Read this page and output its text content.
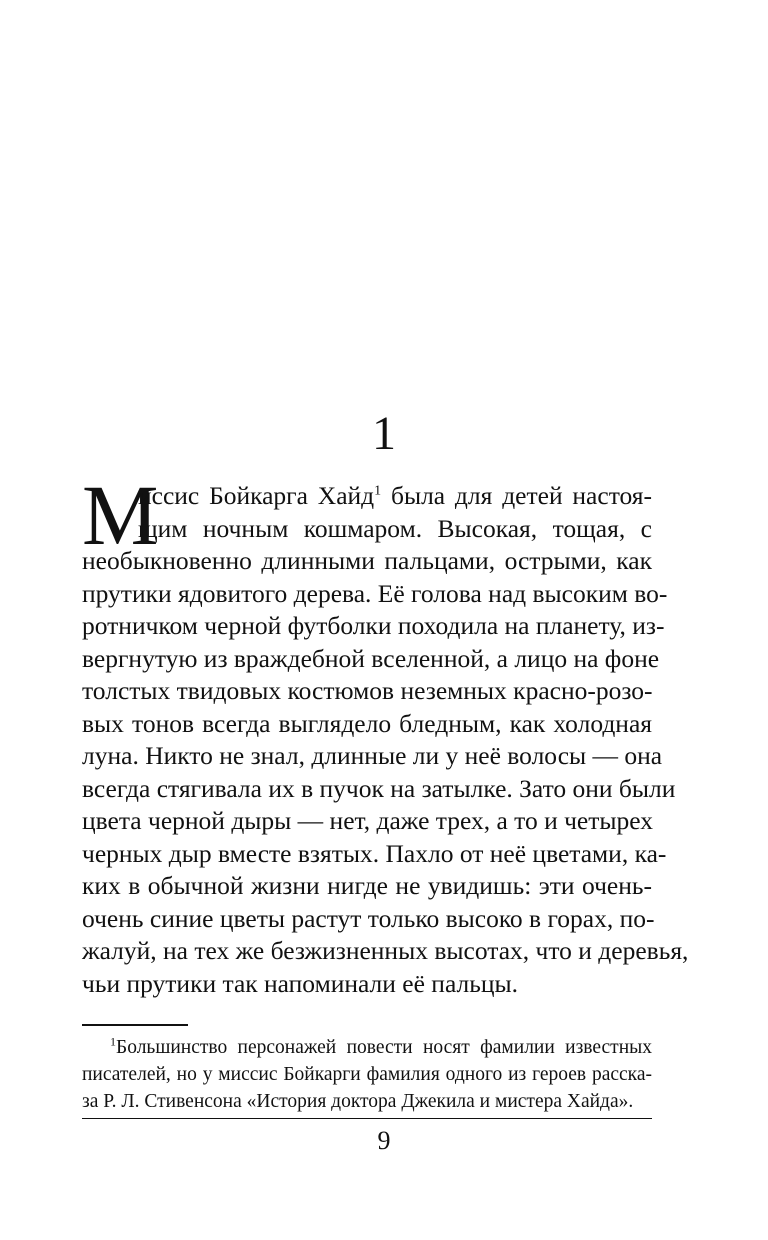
1
М
иссис Бойкарга Хайд$^1$ была для детей настоя-
щим ночным кошмаром. Высокая, тощая, с
необыкновенно длинными пальцами, острыми, как
прутики ядовитого дерева. Её голова над высоким во-
ротничком черной футболки походила на планету, из-
вергнутую из враждебной вселенной, а лицо на фоне
толстых твидовых костюмов неземных красно-розо-
вых тонов всегда выглядело бледным, как холодная
луна. Никто не знал, длинные ли у неё волосы — она
всегда стягивала их в пучок на затылке. Зато они были
цвета черной дыры — нет, даже трех, а то и четырех
черных дыр вместе взятых. Пахло от неё цветами, ка-
ких в обычной жизни нигде не увидишь: эти очень-
очень синие цветы растут только высоко в горах, по-
жалуй, на тех же безжизненных высотах, что и деревья,
чьи прутики так напоминали её пальцы.
$^1$Большинство персонажей повести носят фамилии известных
писателей, но у миссис Бойкарги фамилия одного из героев расска-
за Р. Л. Стивенсона «История доктора Джекила и мистера Хайда».
9
